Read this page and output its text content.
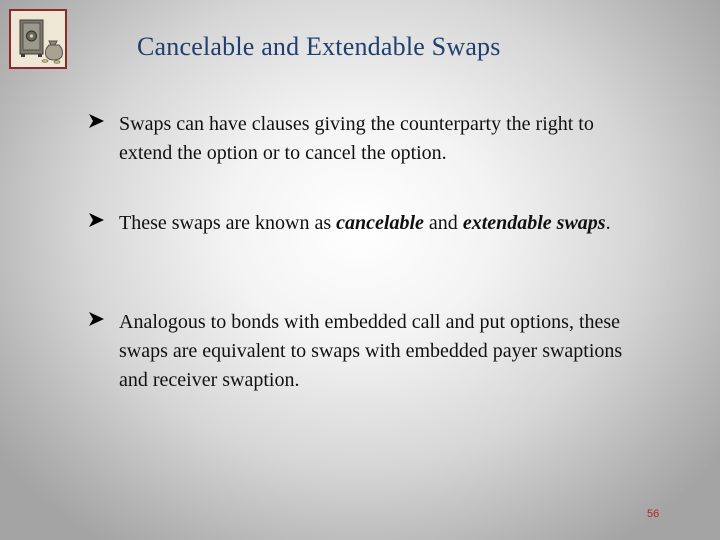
Cancelable and Extendable Swaps

Swaps can have clauses giving the counterparty the right to extend the option or to cancel the option.

These swaps are known as cancelable and extendable swaps.

Analogous to bonds with embedded call and put options, these swaps are equivalent to swaps with embedded payer swaptions and receiver swaption.

56
